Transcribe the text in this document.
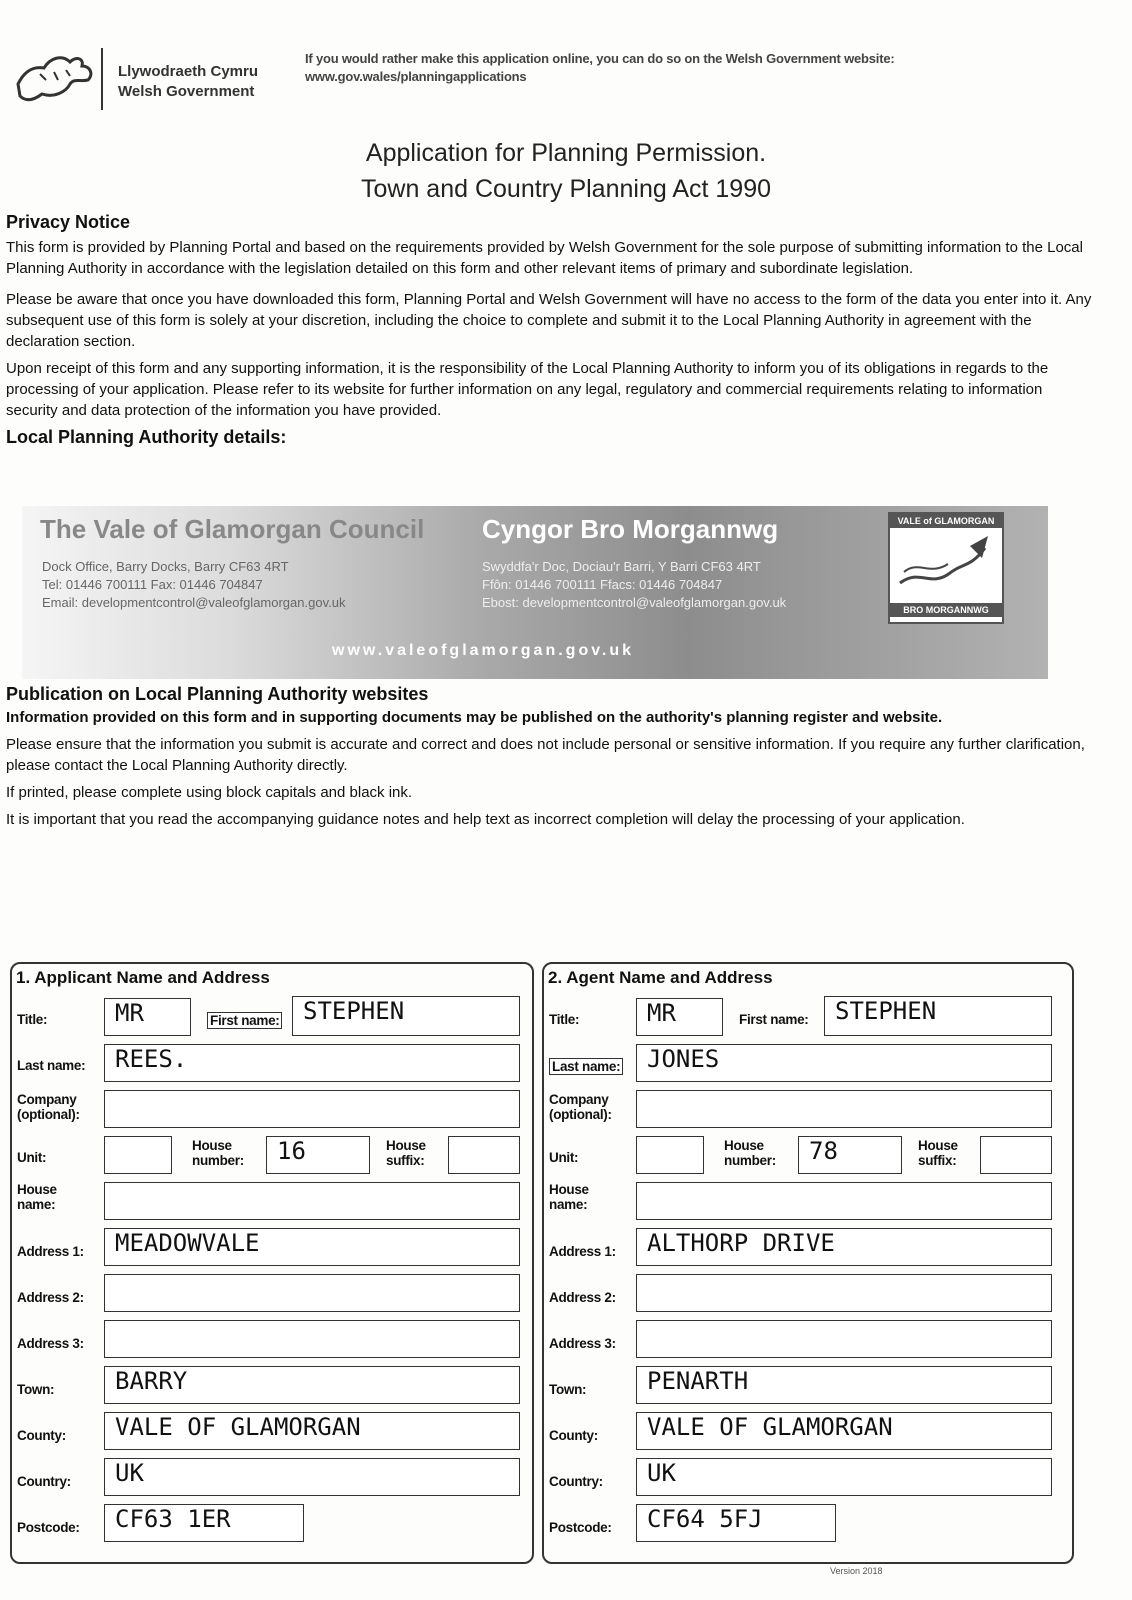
Llywodraeth Cymru
Welsh Government
If you would rather make this application online, you can do so on the Welsh Government website:
www.gov.wales/planningapplications
Application for Planning Permission.
Town and Country Planning Act 1990
Privacy Notice

This form is provided by Planning Portal and based on the requirements provided by Welsh Government for the sole purpose of submitting information to the Local Planning Authority in accordance with the legislation detailed on this form and other relevant items of primary and subordinate legislation.

Please be aware that once you have downloaded this form, Planning Portal and Welsh Government will have no access to the form of the data you enter into it. Any subsequent use of this form is solely at your discretion, including the choice to complete and submit it to the Local Planning Authority in agreement with the declaration section.

Upon receipt of this form and any supporting information, it is the responsibility of the Local Planning Authority to inform you of its obligations in regards to the processing of your application. Please refer to its website for further information on any legal, regulatory and commercial requirements relating to information security and data protection of the information you have provided.

Local Planning Authority details:
The Vale of Glamorgan Council Cyngor Bro Morgannwg
Dock Office, Barry Docks, Barry CF63 4RT
Tel: 01446 700111 Fax: 01446 704847
Email: developmentcontrol@valeofglamorgan.gov.uk
Swyddfa'r Doc, Dociau'r Barri, Y Barri CF63 4RT
Ffôn: 01446 700111 Ffacs: 01446 704847
Ebost: developmentcontrol@valeofglamorgan.gov.uk
www.valeofglamorgan.gov.uk
VALE of GLAMORGAN
BRO MORGANNWG
Publication on Local Planning Authority websites

Information provided on this form and in supporting documents may be published on the authority's planning register and website.

Please ensure that the information you submit is accurate and correct and does not include personal or sensitive information. If you require any further clarification, please contact the Local Planning Authority directly.

If printed, please complete using block capitals and black ink.

It is important that you read the accompanying guidance notes and help text as incorrect completion will delay the processing of your application.

1. Applicant Name and Address
Title:	MR	First name: STEPHEN
Last name:	REES.
Company (optional):
Unit:
House number:	16	House suffix:
House name:
Address 1:	MEADOWVALE
Address 2:
Address 3:
Town:	BARRY
County:	VALE OF GLAMORGAN
Country:	UK
Postcode:	CF63 1ER
2. Agent Name and Address
Title:	MR	First name:	STEPHEN
Last name:	JONES
Company (optional):
Unit:
House number:	78	House suffix:
House name:
Address 1:	ALTHORP DRIVE
Address 2:
Address 3:
Town:	PENARTH
County:	VALE OF GLAMORGAN
Country:	UK
Postcode:	CF64 5FJ
Version 2018
